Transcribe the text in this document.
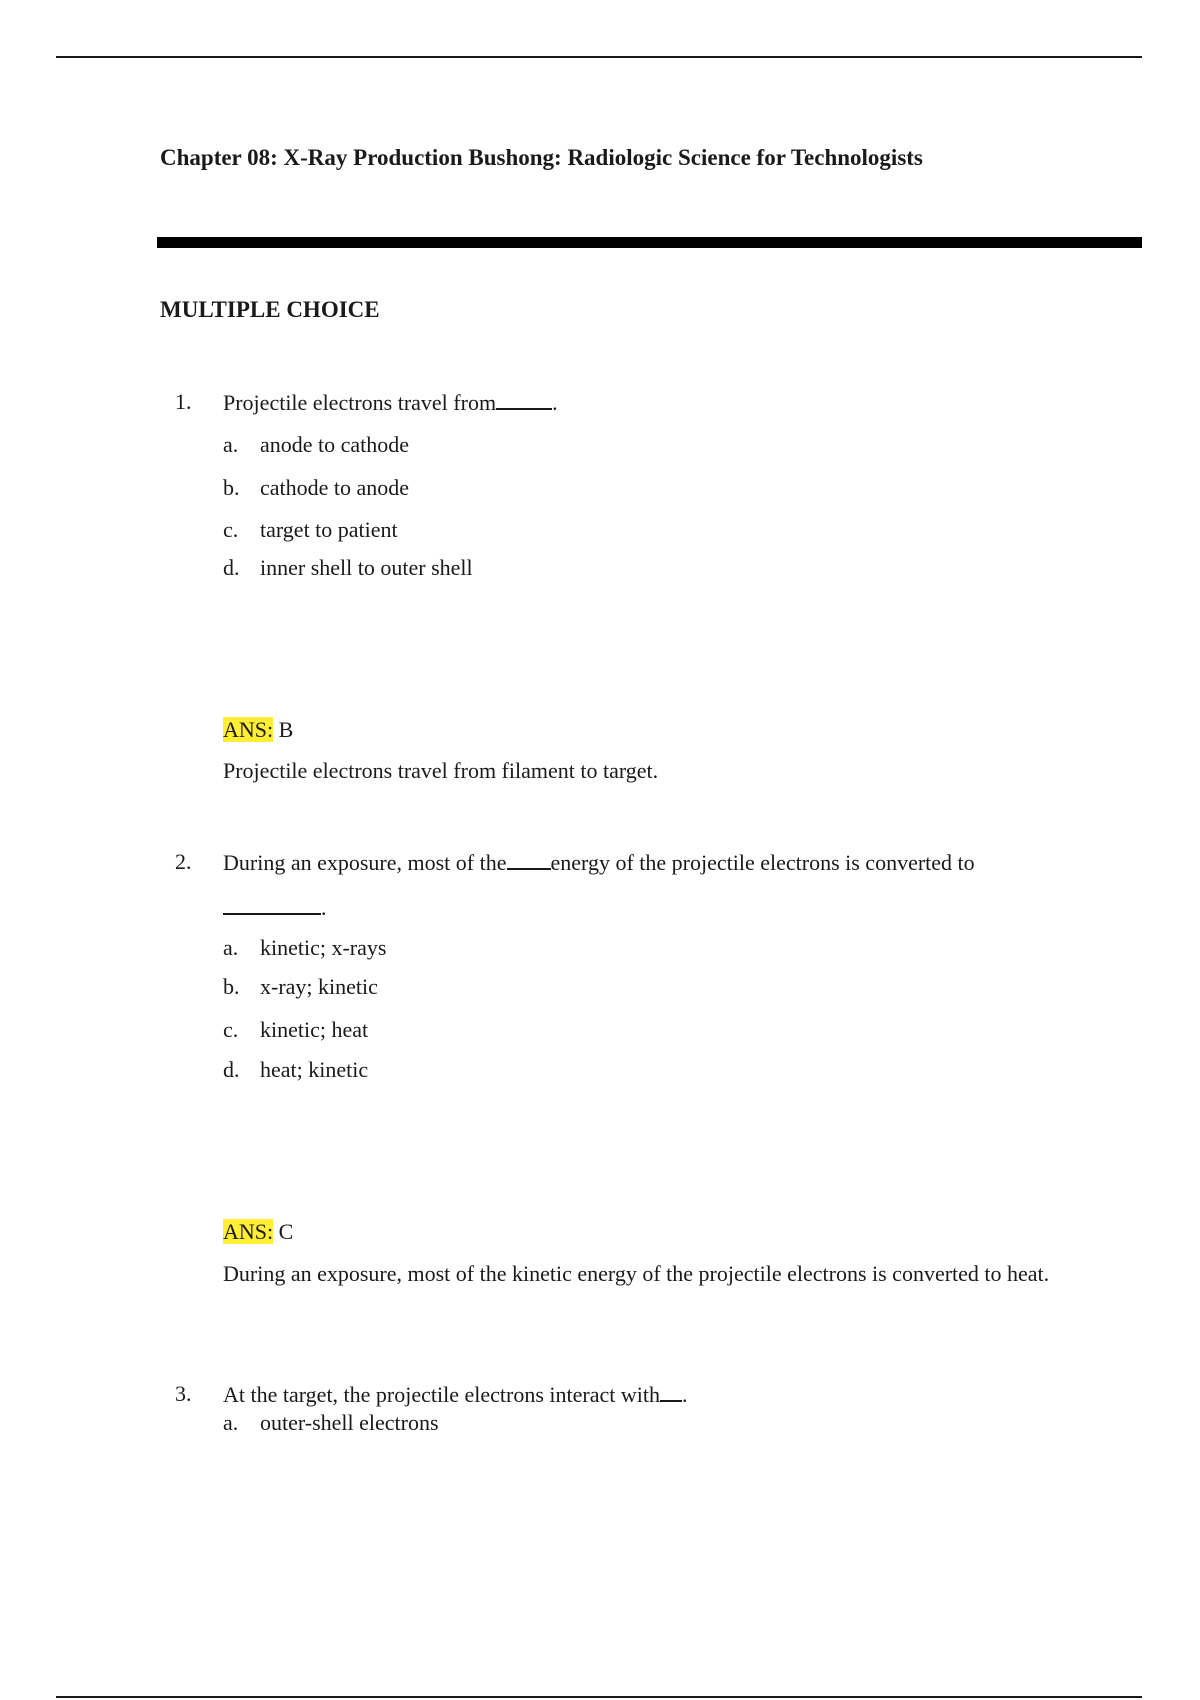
Chapter 08: X-Ray Production Bushong: Radiologic Science for Technologists
MULTIPLE CHOICE
1. Projectile electrons travel from	.
a. anode to cathode
b. cathode to anode
c. target to patient
d. inner shell to outer shell
ANS: B
Projectile electrons travel from filament to target.
2. During an exposure, most of the energy of the projectile electrons is converted to
.
a. kinetic; x-rays
b. x-ray; kinetic
c. kinetic; heat
d. heat; kinetic
ANS: C
During an exposure, most of the kinetic energy of the projectile electrons is converted to heat.
3. At the target, the projectile electrons interact with .
a. outer-shell electrons
